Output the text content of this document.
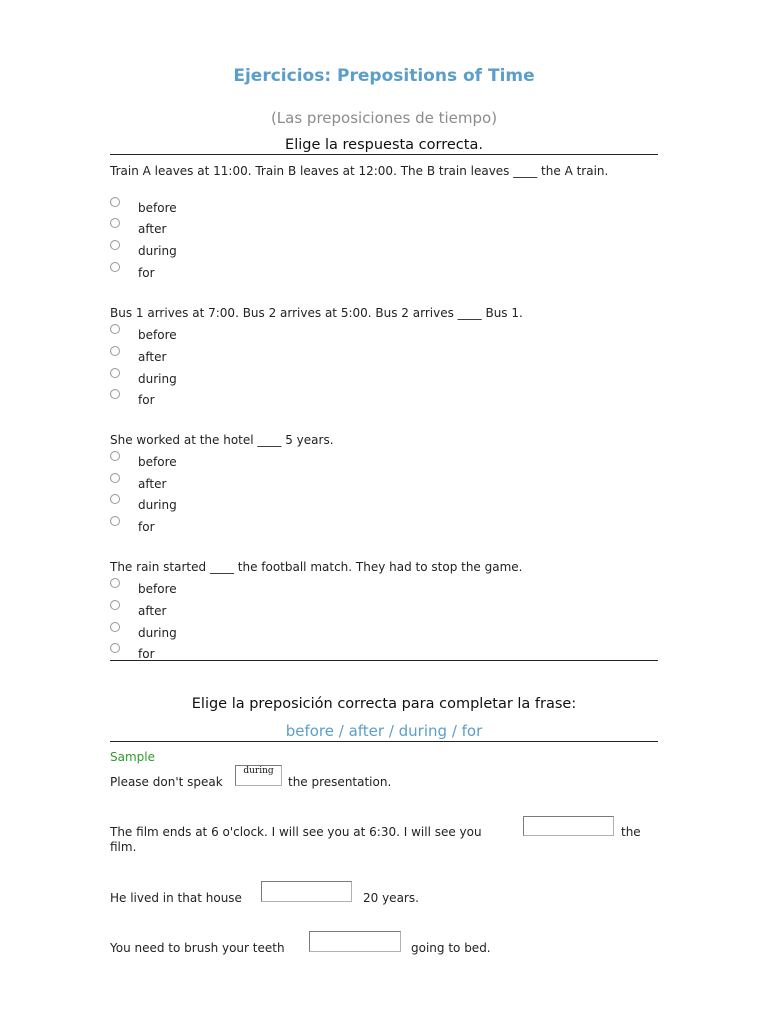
Ejercicios: Prepositions of Time
(Las preposiciones de tiempo)
Elige la respuesta correcta.
Train A leaves at 11:00. Train B leaves at 12:00. The B train leaves ____ the A train.
before
after
during
for
Bus 1 arrives at 7:00. Bus 2 arrives at 5:00. Bus 2 arrives ____ Bus 1.
before
after
during
for
She worked at the hotel ____ 5 years.
before
after
during
for
The rain started ____ the football match. They had to stop the game.
before
after
during
for
Elige la preposición correcta para completar la frase:
before / after / during / for
Sample
Please don't speak
during
the presentation.
The film ends at 6 o'clock. I will see you at 6:30. I will see you	the
film.
He lived in that house	20 years.
You need to brush your teeth	going to bed.
